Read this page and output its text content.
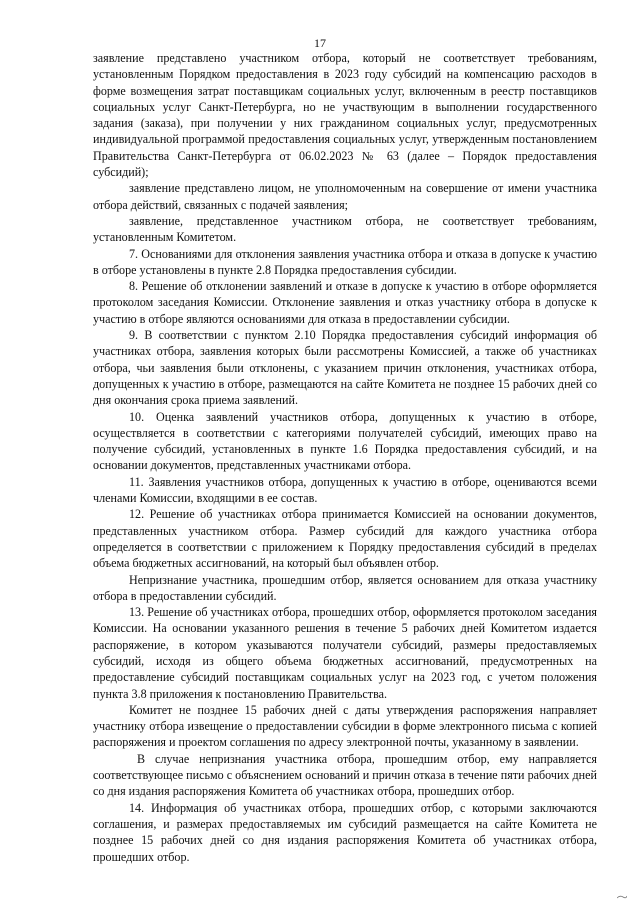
17

заявление представлено участником отбора, который не соответствует требованиям, установленным Порядком предоставления в 2023 году субсидий на компенсацию расходов в форме возмещения затрат поставщикам социальных услуг, включенным в реестр поставщиков социальных услуг Санкт-Петербурга, но не участвующим в выполнении государственного задания (заказа), при получении у них гражданином социальных услуг, предусмотренных индивидуальной программой предоставления социальных услуг, утвержденным постановлением Правительства Санкт-Петербурга от 06.02.2023 № 63 (далее – Порядок предоставления субсидий);

заявление представлено лицом, не уполномоченным на совершение от имени участника отбора действий, связанных с подачей заявления;

заявление, представленное участником отбора, не соответствует требованиям, установленным Комитетом.

7. Основаниями для отклонения заявления участника отбора и отказа в допуске к участию в отборе установлены в пункте 2.8 Порядка предоставления субсидии.

8. Решение об отклонении заявлений и отказе в допуске к участию в отборе оформляется протоколом заседания Комиссии. Отклонение заявления и отказ участнику отбора в допуске к участию в отборе являются основаниями для отказа в предоставлении субсидии.

9. В соответствии с пунктом 2.10 Порядка предоставления субсидий информация об участниках отбора, заявления которых были рассмотрены Комиссией, а также об участниках отбора, чьи заявления были отклонены, с указанием причин отклонения, участниках отбора, допущенных к участию в отборе, размещаются на сайте Комитета не позднее 15 рабочих дней со дня окончания срока приема заявлений.

10. Оценка заявлений участников отбора, допущенных к участию в отборе, осуществляется в соответствии с категориями получателей субсидий, имеющих право на получение субсидий, установленных в пункте 1.6 Порядка предоставления субсидий, и на основании документов, представленных участниками отбора.

11. Заявления участников отбора, допущенных к участию в отборе, оцениваются всеми членами Комиссии, входящими в ее состав.

12. Решение об участниках отбора принимается Комиссией на основании документов, представленных участником отбора. Размер субсидий для каждого участника отбора определяется в соответствии с приложением к Порядку предоставления субсидий в пределах объема бюджетных ассигнований, на который был объявлен отбор.

Непризнание участника, прошедшим отбор, является основанием для отказа участнику отбора в предоставлении субсидий.

13. Решение об участниках отбора, прошедших отбор, оформляется протоколом заседания Комиссии. На основании указанного решения в течение 5 рабочих дней Комитетом издается распоряжение, в котором указываются получатели субсидий, размеры предоставляемых субсидий, исходя из общего объема бюджетных ассигнований, предусмотренных на предоставление субсидий поставщикам социальных услуг на 2023 год, с учетом положения пункта 3.8 приложения к постановлению Правительства.

Комитет не позднее 15 рабочих дней с даты утверждения распоряжения направляет участнику отбора извещение о предоставлении субсидии в форме электронного письма с копией распоряжения и проектом соглашения по адресу электронной почты, указанному в заявлении.

В случае непризнания участника отбора, прошедшим отбор, ему направляется соответствующее письмо с объяснением оснований и причин отказа в течение пяти рабочих дней со дня издания распоряжения Комитета об участниках отбора, прошедших отбор.

14. Информация об участниках отбора, прошедших отбор, с которыми заключаются соглашения, и размерах предоставляемых им субсидий размещается на сайте Комитета не позднее 15 рабочих дней со дня издания распоряжения Комитета об участниках отбора, прошедших отбор.
